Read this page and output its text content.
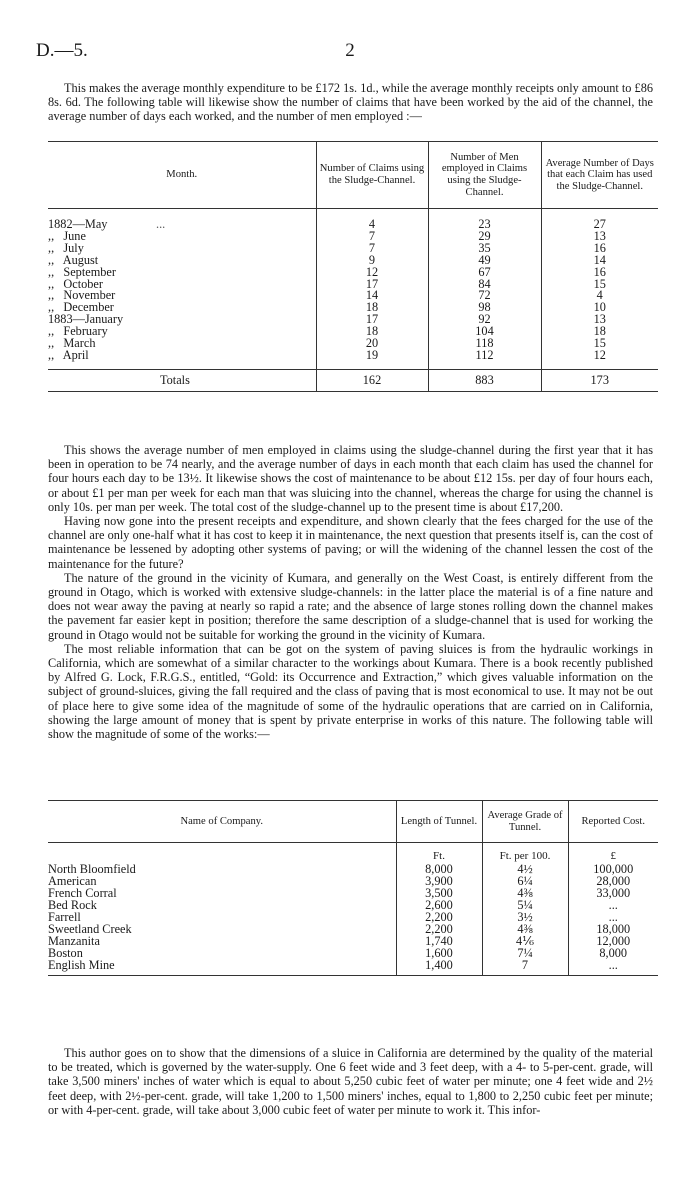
D.—5.	2

This makes the average monthly expenditure to be £172 1s. 1d., while the average monthly receipts only amount to £86 8s. 6d. The following table will likewise show the number of claims that have been worked by the aid of the channel, the average number of days each worked, and the number of men employed :—

Month.	Number of Claims using the Sludge-Channel.	Number of Men employed in Claims using the Sludge-Channel.	Average Number of Days that each Claim has used the Sludge-Channel.

1882—May ...	4	23	27
,,   June	7	29	13
,,   July	7	35	16
,,   August	9	49	14
,,   September	12	67	16
,,   October	17	84	15
,,   November	14	72	4
,,   December	18	98	10
1883—January	17	92	13
,,   February	18	104	18
,,   March	20	118	15
,,   April	19	112	12

Totals	162	883	173

This shows the average number of men employed in claims using the sludge-channel during the first year that it has been in operation to be 74 nearly, and the average number of days in each month that each claim has used the channel for four hours each day to be 13½. It likewise shows the cost of maintenance to be about £12 15s. per day of four hours each, or about £1 per man per week for each man that was sluicing into the channel, whereas the charge for using the channel is only 10s. per man per week. The total cost of the sludge-channel up to the present time is about £17,200.

Having now gone into the present receipts and expenditure, and shown clearly that the fees charged for the use of the channel are only one-half what it has cost to keep it in maintenance, the next question that presents itself is, can the cost of maintenance be lessened by adopting other systems of paving; or will the widening of the channel lessen the cost of the maintenance for the future?

The nature of the ground in the vicinity of Kumara, and generally on the West Coast, is entirely different from the ground in Otago, which is worked with extensive sludge-channels: in the latter place the material is of a fine nature and does not wear away the paving at nearly so rapid a rate; and the absence of large stones rolling down the channel makes the pavement far easier kept in position; therefore the same description of a sludge-channel that is used for working the ground in Otago would not be suitable for working the ground in the vicinity of Kumara.

The most reliable information that can be got on the system of paving sluices is from the hydraulic workings in California, which are somewhat of a similar character to the workings about Kumara. There is a book recently published by Alfred G. Lock, F.R.G.S., entitled, “Gold: its Occurrence and Extraction,” which gives valuable information on the subject of ground-sluices, giving the fall required and the class of paving that is most economical to use. It may not be out of place here to give some idea of the magnitude of some of the hydraulic operations that are carried on in California, showing the large amount of money that is spent by private enterprise in works of this nature. The following table will show the magnitude of some of the works:—

Name of Company.	Length of Tunnel.	Average Grade of Tunnel.	Reported Cost.
	Ft.	Ft. per 100.	£
North Bloomfield	8,000	4½	100,000
American	3,900	6¼	28,000
French Corral	3,500	4⅜	33,000
Bed Rock	2,600	5¼	...
Farrell	2,200	3½	...
Sweetland Creek	2,200	4⅜	18,000
Manzanita	1,740	4⅙	12,000
Boston	1,600	7¼	8,000
English Mine	1,400	7	...

This author goes on to show that the dimensions of a sluice in California are determined by the quality of the material to be treated, which is governed by the water-supply. One 6 feet wide and 3 feet deep, with a 4- to 5-per-cent. grade, will take 3,500 miners' inches of water which is equal to about 5,250 cubic feet of water per minute; one 4 feet wide and 2½ feet deep, with 2½-per-cent. grade, will take 1,200 to 1,500 miners' inches, equal to 1,800 to 2,250 cubic feet per minute; or with 4-per-cent. grade, will take about 3,000 cubic feet of water per minute to work it. This infor-
